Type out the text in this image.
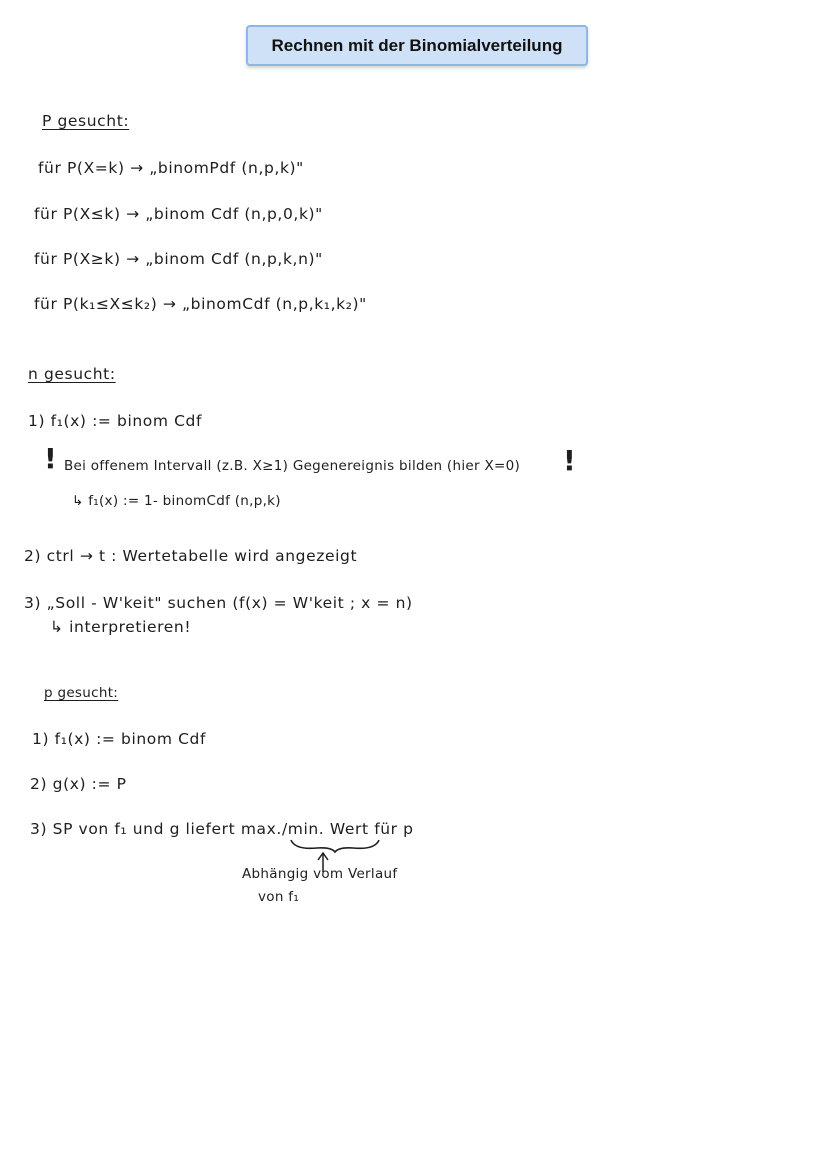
Rechnen mit der Binomialverteilung
P gesucht:
für P(X=k) → „binomPdf (n,p,k)"
für P(X≤k) → „binom Cdf (n,p,0,k)"
für P(X≥k) → „binom Cdf (n,p,k,n)"
für P(k₁≤X≤k₂) → „binomCdf (n,p,k₁,k₂)"
n gesucht:
1) f₁(x) := binom Cdf
! Bei offenem Intervall (z.B. X≥1) Gegenereignis bilden (hier X=0) !
↳ f₁(x) := 1- binomCdf (n,p,k)
2) ctrl → t : Wertetabelle wird angezeigt
3) „Soll - W'keit" suchen (f(x) = W'keit ; x = n)
↳ interpretieren!
p gesucht:
1) f₁(x) := binom Cdf
2) g(x) := P
3) SP von f₁ und g liefert max./min. Wert für p
Abhängig vom Verlauf
von f₁
